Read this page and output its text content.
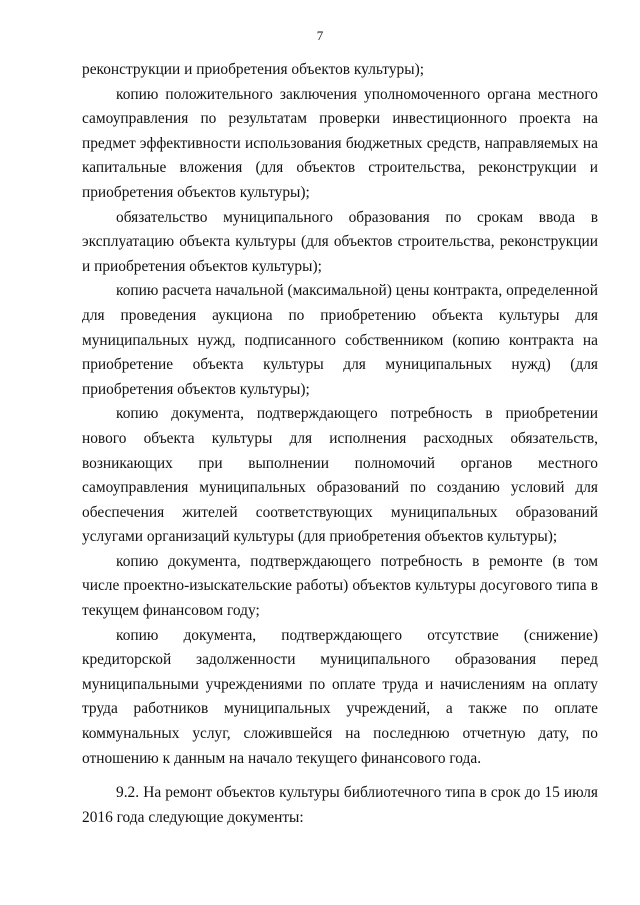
7

реконструкции и приобретения объектов культуры);

копию положительного заключения уполномоченного органа местного самоуправления по результатам проверки инвестиционного проекта на предмет эффективности использования бюджетных средств, направляемых на капитальные вложения (для объектов строительства, реконструкции и приобретения объектов культуры);

обязательство муниципального образования по срокам ввода в эксплуатацию объекта культуры (для объектов строительства, реконструкции и приобретения объектов культуры);

копию расчета начальной (максимальной) цены контракта, определенной для проведения аукциона по приобретению объекта культуры для муниципальных нужд, подписанного собственником (копию контракта на приобретение объекта культуры для муниципальных нужд) (для приобретения объектов культуры);

копию документа, подтверждающего потребность в приобретении нового объекта культуры для исполнения расходных обязательств, возникающих при выполнении полномочий органов местного самоуправления муниципальных образований по созданию условий для обеспечения жителей соответствующих муниципальных образований услугами организаций культуры (для приобретения объектов культуры);

копию документа, подтверждающего потребность в ремонте (в том числе проектно-изыскательские работы) объектов культуры досугового типа в текущем финансовом году;

копию документа, подтверждающего отсутствие (снижение) кредиторской задолженности муниципального образования перед муниципальными учреждениями по оплате труда и начислениям на оплату труда работников муниципальных учреждений, а также по оплате коммунальных услуг, сложившейся на последнюю отчетную дату, по отношению к данным на начало текущего финансового года.

9.2. На ремонт объектов культуры библиотечного типа в срок до 15 июля 2016 года следующие документы:
